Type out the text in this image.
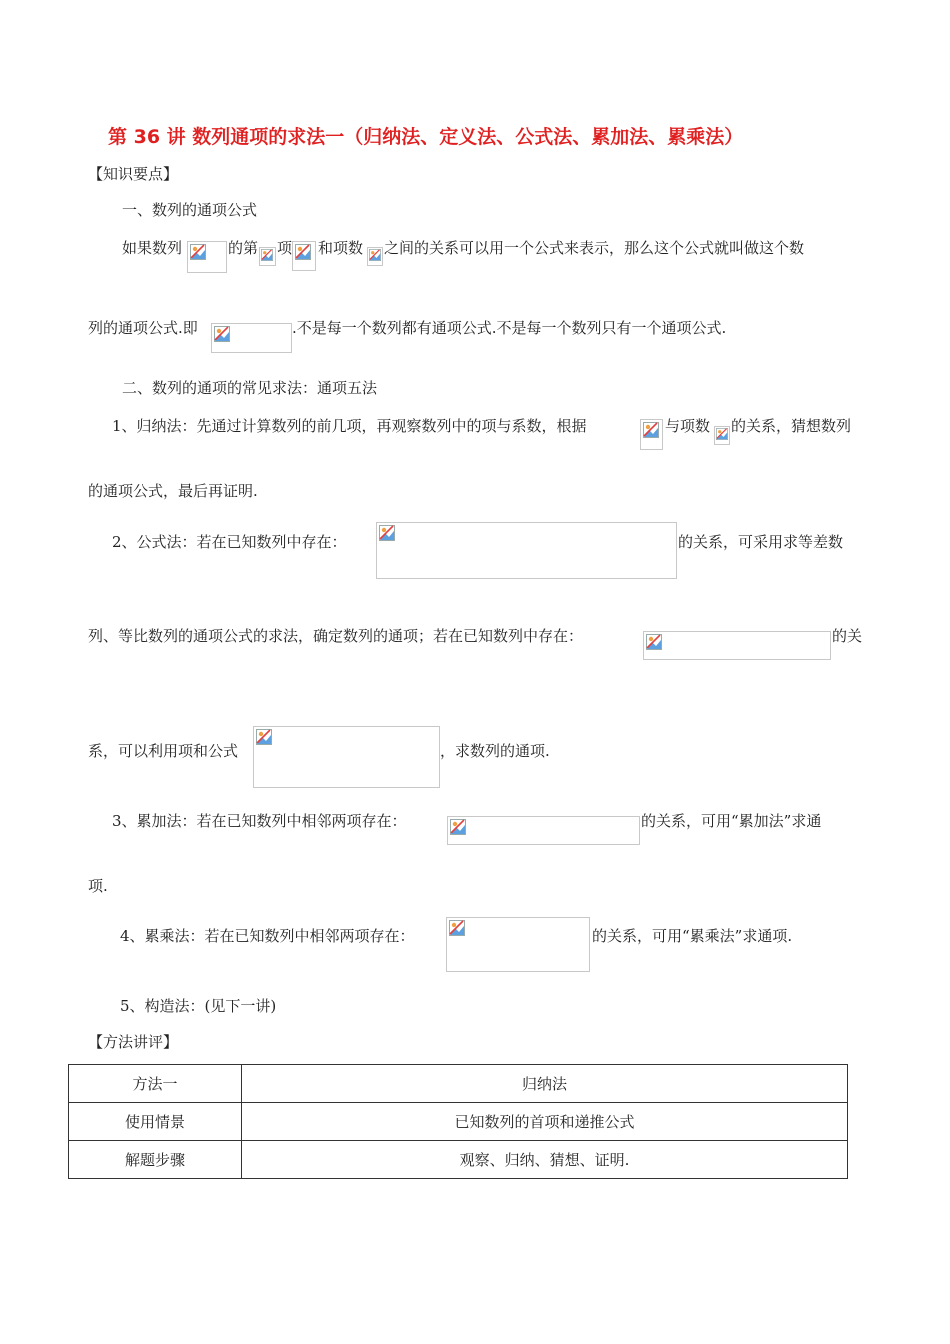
第 36 讲 数列通项的求法一（归纳法、定义法、公式法、累加法、累乘法）
【知识要点】
一、数列的通项公式
如果数列	的第 项 和项数 之间的关系可以用一个公式来表示，那么这个公式就叫做这个数
列的通项公式.即	.不是每一个数列都有通项公式.不是每一个数列只有一个通项公式.
二、数列的通项的常见求法：通项五法
1、归纳法：先通过计算数列的前几项，再观察数列中的项与系数，根据	与项数 的关系，猜想数列
的通项公式，最后再证明.
2、公式法：若在已知数列中存在：	的关系，可采用求等差数
列、等比数列的通项公式的求法，确定数列的通项；若在已知数列中存在：	的关
系，可以利用项和公式	，求数列的通项.
3、累加法：若在已知数列中相邻两项存在：	的关系，可用“累加法”求通
项.
4、累乘法：若在已知数列中相邻两项存在：	的关系，可用“累乘法”求通项.
5、构造法：(见下一讲)
【方法讲评】
方法一	归纳法
使用情景	已知数列的首项和递推公式
解题步骤	观察、归纳、猜想、证明.
